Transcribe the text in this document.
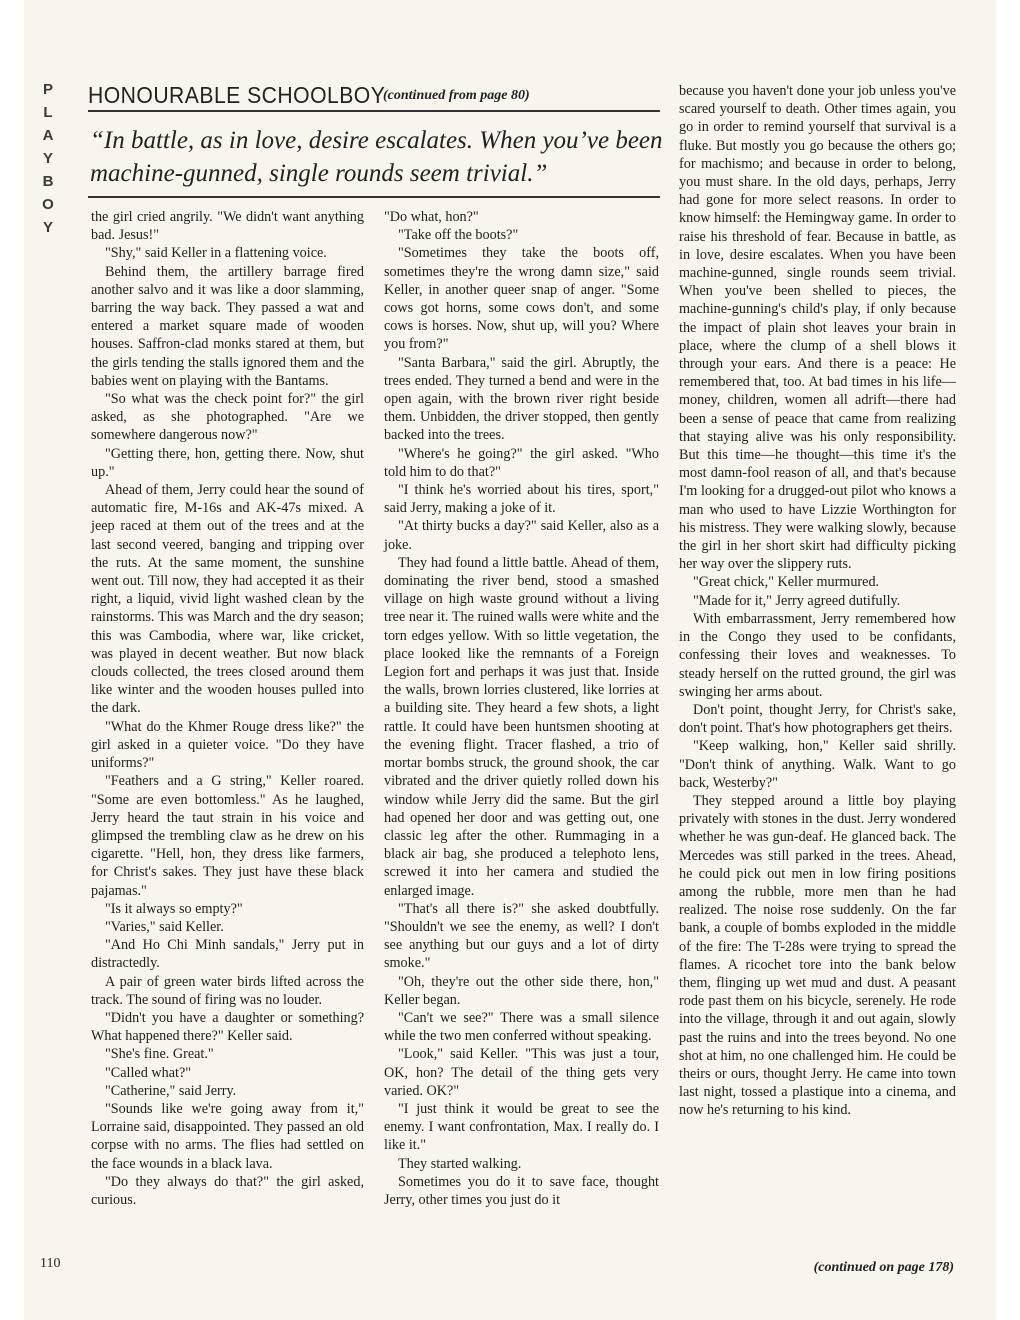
P
L
A
Y
B
O
Y
HONOURABLE SCHOOLBOY
(continued from page 80)
“In battle, as in love, desire escalates. When you’ve been machine-gunned, single rounds seem trivial.”

the girl cried angrily. "We didn't want anything bad. Jesus!"

"Shy," said Keller in a flattening voice.

Behind them, the artillery barrage fired another salvo and it was like a door slamming, barring the way back. They passed a wat and entered a market square made of wooden houses. Saffron-clad monks stared at them, but the girls tending the stalls ignored them and the babies went on playing with the Bantams.

"So what was the check point for?" the girl asked, as she photographed. "Are we somewhere dangerous now?"

"Getting there, hon, getting there. Now, shut up."

Ahead of them, Jerry could hear the sound of automatic fire, M-16s and AK-47s mixed. A jeep raced at them out of the trees and at the last second veered, banging and tripping over the ruts. At the same moment, the sunshine went out. Till now, they had accepted it as their right, a liquid, vivid light washed clean by the rainstorms. This was March and the dry season; this was Cambodia, where war, like cricket, was played in decent weather. But now black clouds collected, the trees closed around them like winter and the wooden houses pulled into the dark.

"What do the Khmer Rouge dress like?" the girl asked in a quieter voice. "Do they have uniforms?"

"Feathers and a G string," Keller roared. "Some are even bottomless." As he laughed, Jerry heard the taut strain in his voice and glimpsed the trembling claw as he drew on his cigarette. "Hell, hon, they dress like farmers, for Christ's sakes. They just have these black pajamas."

"Is it always so empty?"

"Varies," said Keller.

"And Ho Chi Minh sandals," Jerry put in distractedly.

A pair of green water birds lifted across the track. The sound of firing was no louder.

"Didn't you have a daughter or something? What happened there?" Keller said.

"She's fine. Great."

"Called what?"

"Catherine," said Jerry.

"Sounds like we're going away from it," Lorraine said, disappointed. They passed an old corpse with no arms. The flies had settled on the face wounds in a black lava.

"Do they always do that?" the girl asked, curious.

"Do what, hon?"

"Take off the boots?"

"Sometimes they take the boots off, sometimes they're the wrong damn size," said Keller, in another queer snap of anger. "Some cows got horns, some cows don't, and some cows is horses. Now, shut up, will you? Where you from?"

"Santa Barbara," said the girl. Abruptly, the trees ended. They turned a bend and were in the open again, with the brown river right beside them. Unbidden, the driver stopped, then gently backed into the trees.

"Where's he going?" the girl asked. "Who told him to do that?"

"I think he's worried about his tires, sport," said Jerry, making a joke of it.

"At thirty bucks a day?" said Keller, also as a joke.

They had found a little battle. Ahead of them, dominating the river bend, stood a smashed village on high waste ground without a living tree near it. The ruined walls were white and the torn edges yellow. With so little vegetation, the place looked like the remnants of a Foreign Legion fort and perhaps it was just that. Inside the walls, brown lorries clustered, like lorries at a building site. They heard a few shots, a light rattle. It could have been huntsmen shooting at the evening flight. Tracer flashed, a trio of mortar bombs struck, the ground shook, the car vibrated and the driver quietly rolled down his window while Jerry did the same. But the girl had opened her door and was getting out, one classic leg after the other. Rummaging in a black air bag, she produced a telephoto lens, screwed it into her camera and studied the enlarged image.

"That's all there is?" she asked doubtfully. "Shouldn't we see the enemy, as well? I don't see anything but our guys and a lot of dirty smoke."

"Oh, they're out the other side there, hon," Keller began.

"Can't we see?" There was a small silence while the two men conferred without speaking.

"Look," said Keller. "This was just a tour, OK, hon? The detail of the thing gets very varied. OK?"

"I just think it would be great to see the enemy. I want confrontation, Max. I really do. I like it."

They started walking.

Sometimes you do it to save face, thought Jerry, other times you just do it

because you haven't done your job unless you've scared yourself to death. Other times again, you go in order to remind yourself that survival is a fluke. But mostly you go because the others go; for machismo; and because in order to belong, you must share. In the old days, perhaps, Jerry had gone for more select reasons. In order to know himself: the Hemingway game. In order to raise his threshold of fear. Because in battle, as in love, desire escalates. When you have been machine-gunned, single rounds seem trivial. When you've been shelled to pieces, the machine-gunning's child's play, if only because the impact of plain shot leaves your brain in place, where the clump of a shell blows it through your ears. And there is a peace: He remembered that, too. At bad times in his life—money, children, women all adrift—there had been a sense of peace that came from realizing that staying alive was his only responsibility. But this time—he thought—this time it's the most damn-fool reason of all, and that's because I'm looking for a drugged-out pilot who knows a man who used to have Lizzie Worthington for his mistress. They were walking slowly, because the girl in her short skirt had difficulty picking her way over the slippery ruts.

"Great chick," Keller murmured.

"Made for it," Jerry agreed dutifully.

With embarrassment, Jerry remembered how in the Congo they used to be confidants, confessing their loves and weaknesses. To steady herself on the rutted ground, the girl was swinging her arms about.

Don't point, thought Jerry, for Christ's sake, don't point. That's how photographers get theirs.

"Keep walking, hon," Keller said shrilly. "Don't think of anything. Walk. Want to go back, Westerby?"

They stepped around a little boy playing privately with stones in the dust. Jerry wondered whether he was gun-deaf. He glanced back. The Mercedes was still parked in the trees. Ahead, he could pick out men in low firing positions among the rubble, more men than he had realized. The noise rose suddenly. On the far bank, a couple of bombs exploded in the middle of the fire: The T-28s were trying to spread the flames. A ricochet tore into the bank below them, flinging up wet mud and dust. A peasant rode past them on his bicycle, serenely. He rode into the village, through it and out again, slowly past the ruins and into the trees beyond. No one shot at him, no one challenged him. He could be theirs or ours, thought Jerry. He came into town last night, tossed a plastique into a cinema, and now he's returning to his kind.

110	(continued on page 178)
